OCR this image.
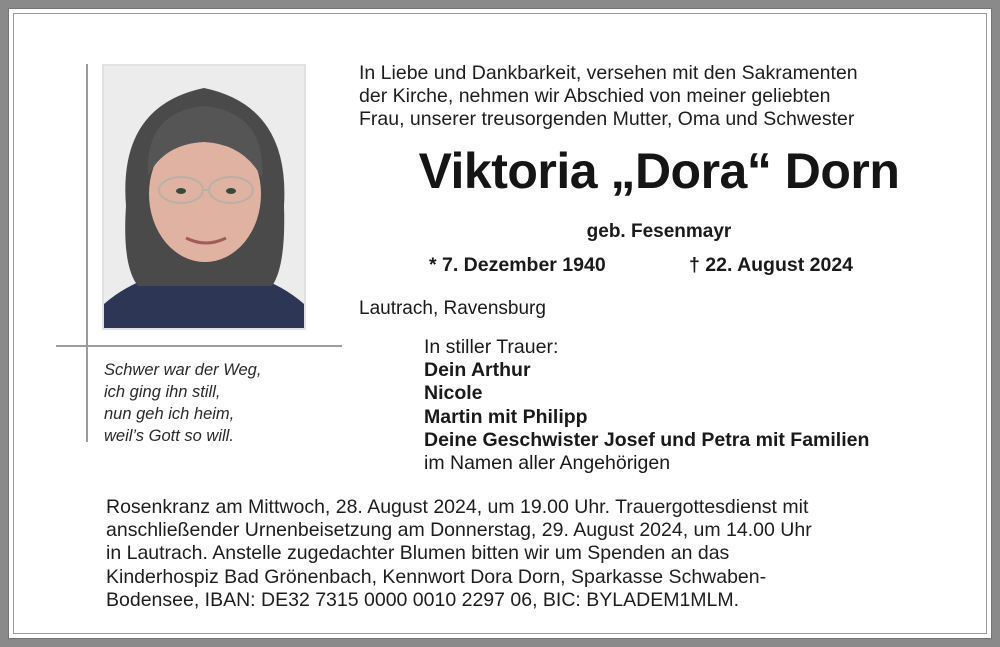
Schwer war der Weg,
ich ging ihn still,
nun geh ich heim,
weil’s Gott so will.
In Liebe und Dankbarkeit, versehen mit den Sakramenten
der Kirche, nehmen wir Abschied von meiner geliebten
Frau, unserer treusorgenden Mutter, Oma und Schwester
Viktoria „Dora“ Dorn
geb. Fesenmayr
* 7. Dezember 1940	† 22. August 2024
Lautrach, Ravensburg
In stiller Trauer:
Dein Arthur
Nicole
Martin mit Philipp
Deine Geschwister Josef und Petra mit Familien
im Namen aller Angehörigen
Rosenkranz am Mittwoch, 28. August 2024, um 19.00 Uhr. Trauergottesdienst mit
anschließender Urnenbeisetzung am Donnerstag, 29. August 2024, um 14.00 Uhr
in Lautrach. Anstelle zugedachter Blumen bitten wir um Spenden an das
Kinderhospiz Bad Grönenbach, Kennwort Dora Dorn, Sparkasse Schwaben-
Bodensee, IBAN: DE32 7315 0000 0010 2297 06, BIC: BYLADEM1MLM.
